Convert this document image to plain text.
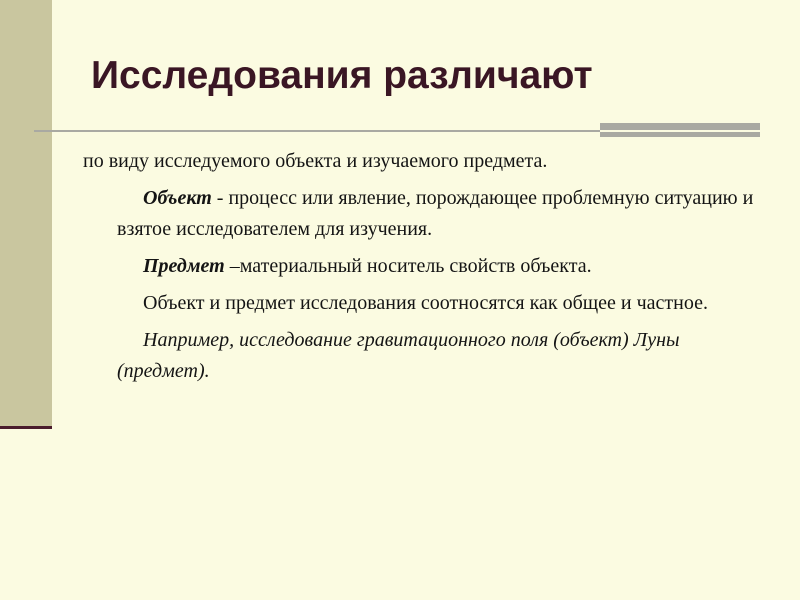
Исследования различают

по виду исследуемого объекта и изучаемого предмета.

Объект - процесс или явление, порождающее проблемную ситуацию и взятое исследователем для изучения.

Предмет –материальный носитель свойств объекта.

Объект и предмет исследования соотносятся как общее и частное.

Например, исследование гравитационного поля (объект) Луны (предмет).
